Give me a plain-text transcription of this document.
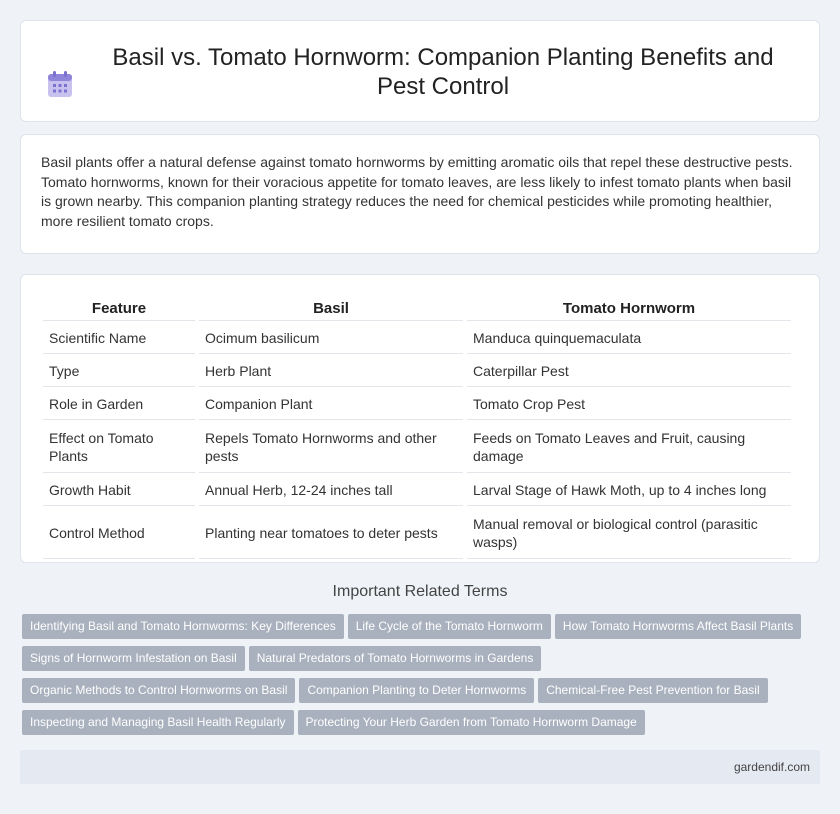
Basil vs. Tomato Hornworm: Companion Planting Benefits and Pest Control

Basil plants offer a natural defense against tomato hornworms by emitting aromatic oils that repel these destructive pests. Tomato hornworms, known for their voracious appetite for tomato leaves, are less likely to infest tomato plants when basil is grown nearby. This companion planting strategy reduces the need for chemical pesticides while promoting healthier, more resilient tomato crops.

Feature	Basil	Tomato Hornworm
Scientific Name	Ocimum basilicum	Manduca quinquemaculata
Type	Herb Plant	Caterpillar Pest
Role in Garden	Companion Plant	Tomato Crop Pest
Effect on Tomato Plants	Repels Tomato Hornworms and other pests	Feeds on Tomato Leaves and Fruit, causing damage
Growth Habit	Annual Herb, 12-24 inches tall	Larval Stage of Hawk Moth, up to 4 inches long
Control Method	Planting near tomatoes to deter pests	Manual removal or biological control (parasitic wasps)
Important Related Terms
Identifying Basil and Tomato Hornworms: Key Differences Life Cycle of the Tomato Hornworm How Tomato Hornworms Affect Basil Plants
Signs of Hornworm Infestation on Basil Natural Predators of Tomato Hornworms in Gardens
Organic Methods to Control Hornworms on Basil Companion Planting to Deter Hornworms Chemical-Free Pest Prevention for Basil
Inspecting and Managing Basil Health Regularly Protecting Your Herb Garden from Tomato Hornworm Damage
gardendif.com
